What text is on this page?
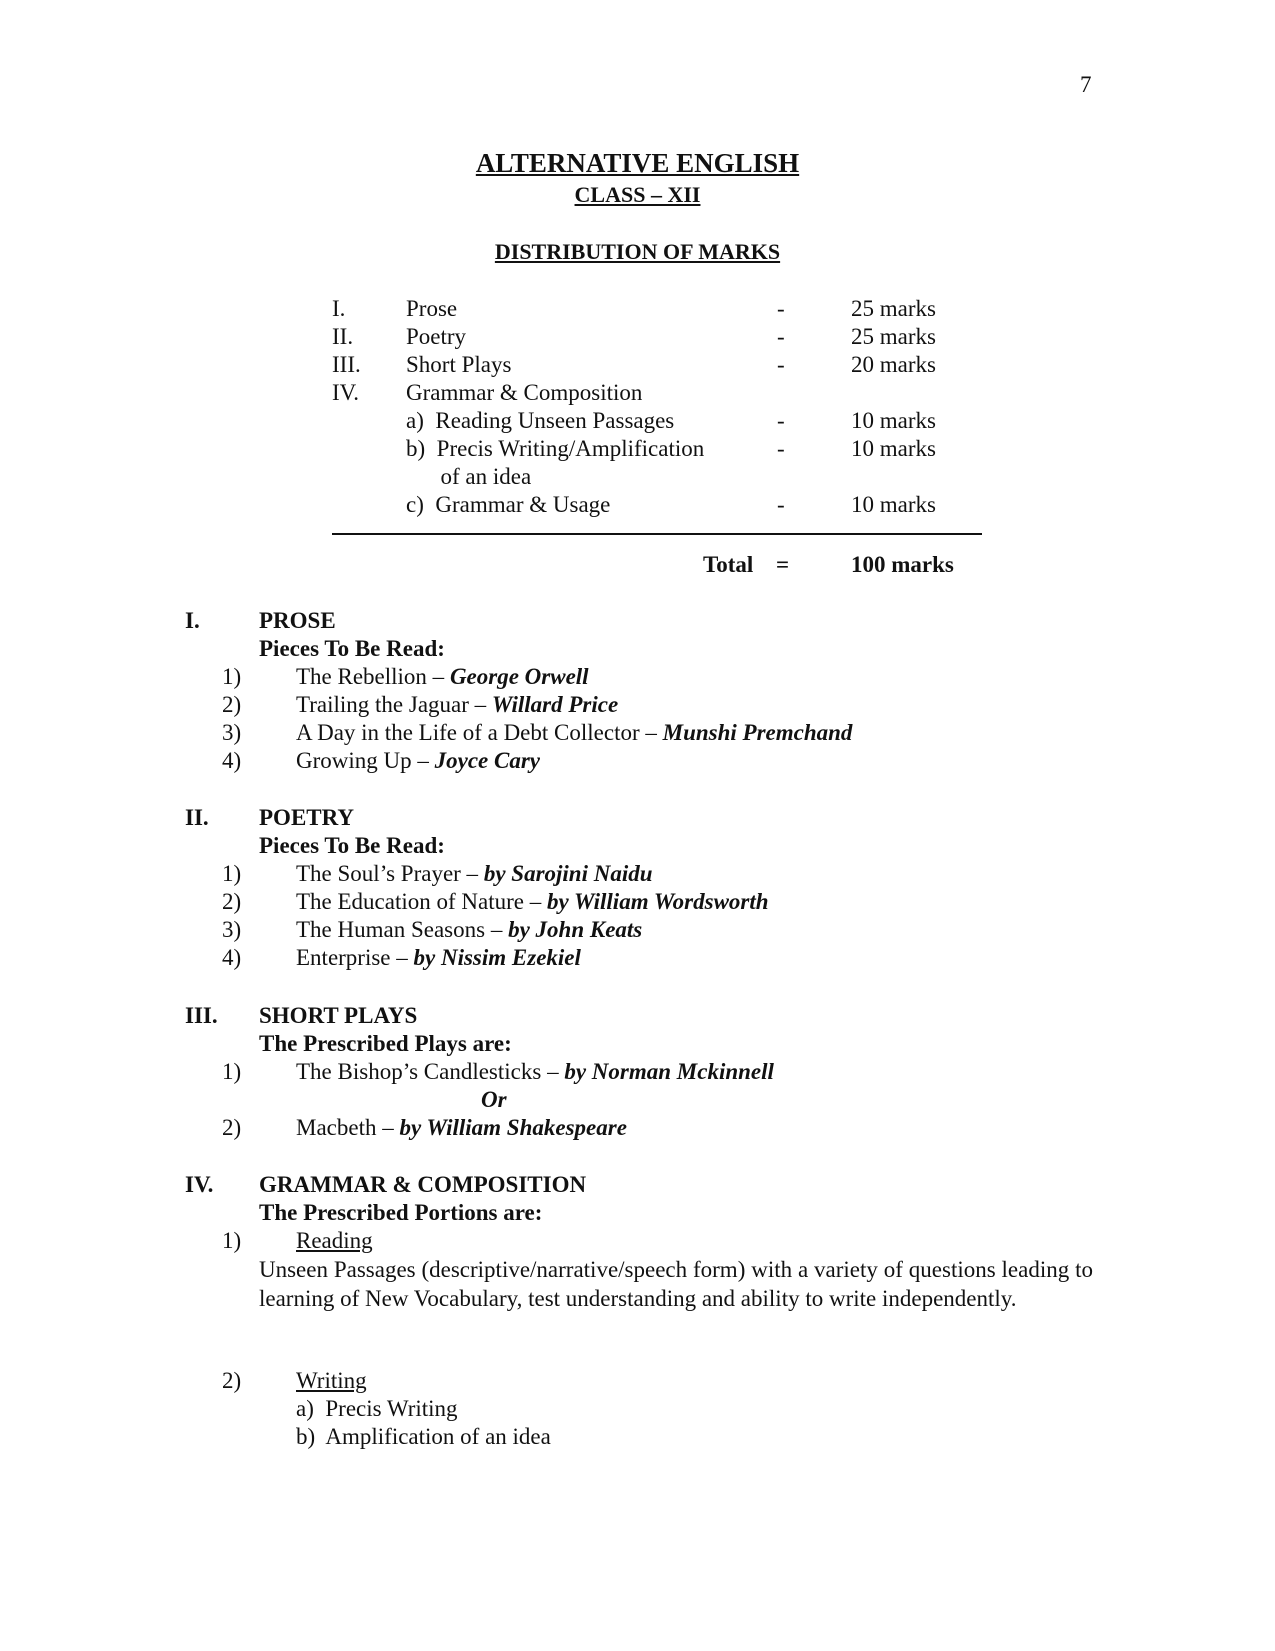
7
ALTERNATIVE ENGLISH
CLASS – XII
DISTRIBUTION OF MARKS
I.	Prose	-	25 marks
II. Poetry	-	25 marks
III. Short Plays	-	20 marks
IV. Grammar & Composition
a)  Reading Unseen Passages	-	10 marks
b)  Precis Writing/Amplification	-	10 marks
of an idea
c)  Grammar & Usage	-	10 marks
Total =	100 marks
I.	PROSE
Pieces To Be Read:
1) The Rebellion – George Orwell
2) Trailing the Jaguar – Willard Price
3) A Day in the Life of a Debt Collector – Munshi Premchand
4) Growing Up – Joyce Cary
II. POETRY
Pieces To Be Read:
1) The Soul’s Prayer – by Sarojini Naidu
2) The Education of Nature – by William Wordsworth
3) The Human Seasons – by John Keats
4) Enterprise – by Nissim Ezekiel
III. SHORT PLAYS
The Prescribed Plays are:
1) The Bishop’s Candlesticks – by Norman Mckinnell
Or
2) Macbeth – by William Shakespeare
IV. GRAMMAR & COMPOSITION
The Prescribed Portions are:
1) Reading
Unseen Passages (descriptive/narrative/speech form) with a variety of questions leading to learning of New Vocabulary, test understanding and ability to write independently.
2) Writing
a)  Precis Writing
b)  Amplification of an idea
